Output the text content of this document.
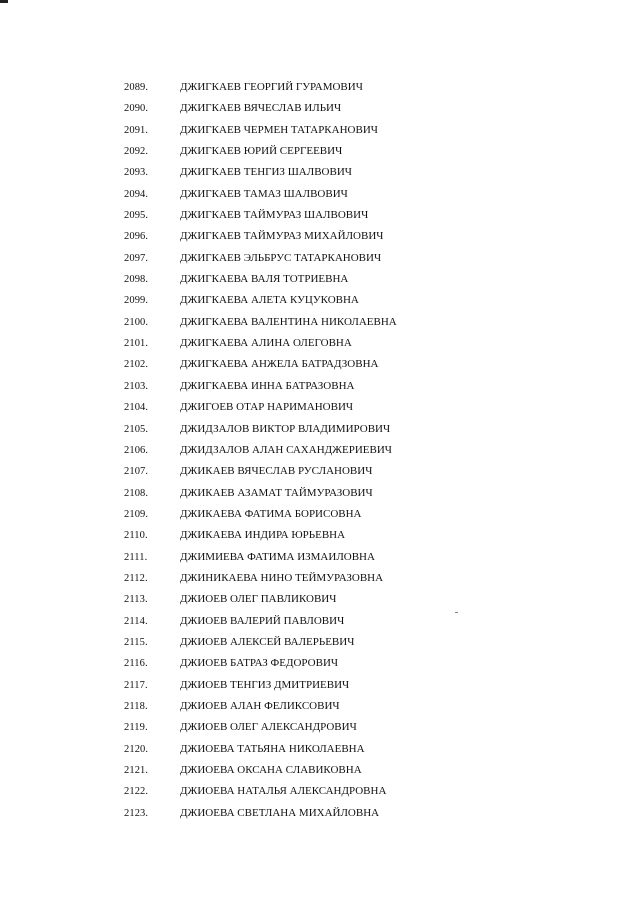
2089.	ДЖИГКАЕВ ГЕОРГИЙ ГУРАМОВИЧ
2090.	ДЖИГКАЕВ ВЯЧЕСЛАВ ИЛЬИЧ
2091.	ДЖИГКАЕВ ЧЕРМЕН ТАТАРКАНОВИЧ
2092.	ДЖИГКАЕВ ЮРИЙ СЕРГЕЕВИЧ
2093.	ДЖИГКАЕВ ТЕНГИЗ ШАЛВОВИЧ
2094.	ДЖИГКАЕВ ТАМАЗ ШАЛВОВИЧ
2095.	ДЖИГКАЕВ ТАЙМУРАЗ ШАЛВОВИЧ
2096.	ДЖИГКАЕВ ТАЙМУРАЗ МИХАЙЛОВИЧ
2097.	ДЖИГКАЕВ ЭЛЬБРУС ТАТАРКАНОВИЧ
2098.	ДЖИГКАЕВА ВАЛЯ ТОТРИЕВНА
2099.	ДЖИГКАЕВА АЛЕТА КУЦУКОВНА
2100.	ДЖИГКАЕВА ВАЛЕНТИНА НИКОЛАЕВНА
2101.	ДЖИГКАЕВА АЛИНА ОЛЕГОВНА
2102.	ДЖИГКАЕВА АНЖЕЛА БАТРАДЗОВНА
2103.	ДЖИГКАЕВА ИННА БАТРАЗОВНА
2104.	ДЖИГОЕВ ОТАР НАРИМАНОВИЧ
2105.	ДЖИДЗАЛОВ ВИКТОР ВЛАДИМИРОВИЧ
2106.	ДЖИДЗАЛОВ АЛАН САХАНДЖЕРИЕВИЧ
2107.	ДЖИКАЕВ ВЯЧЕСЛАВ РУСЛАНОВИЧ
2108.	ДЖИКАЕВ АЗАМАТ ТАЙМУРАЗОВИЧ
2109.	ДЖИКАЕВА ФАТИМА БОРИСОВНА
2110.	ДЖИКАЕВА ИНДИРА ЮРЬЕВНА
2111.	ДЖИМИЕВА ФАТИМА ИЗМАИЛОВНА
2112.	ДЖИНИКАЕВА НИНО ТЕЙМУРАЗОВНА
2113.	ДЖИОЕВ ОЛЕГ ПАВЛИКОВИЧ
2114.	ДЖИОЕВ ВАЛЕРИЙ ПАВЛОВИЧ
2115.	ДЖИОЕВ АЛЕКСЕЙ ВАЛЕРЬЕВИЧ
2116.	ДЖИОЕВ БАТРАЗ ФЕДОРОВИЧ
2117.	ДЖИОЕВ ТЕНГИЗ ДМИТРИЕВИЧ
2118.	ДЖИОЕВ АЛАН ФЕЛИКСОВИЧ
2119.	ДЖИОЕВ ОЛЕГ АЛЕКСАНДРОВИЧ
2120.	ДЖИОЕВА ТАТЬЯНА НИКОЛАЕВНА
2121.	ДЖИОЕВА ОКСАНА СЛАВИКОВНА
2122.	ДЖИОЕВА НАТАЛЬЯ АЛЕКСАНДРОВНА
2123.	ДЖИОЕВА СВЕТЛАНА МИХАЙЛОВНА
